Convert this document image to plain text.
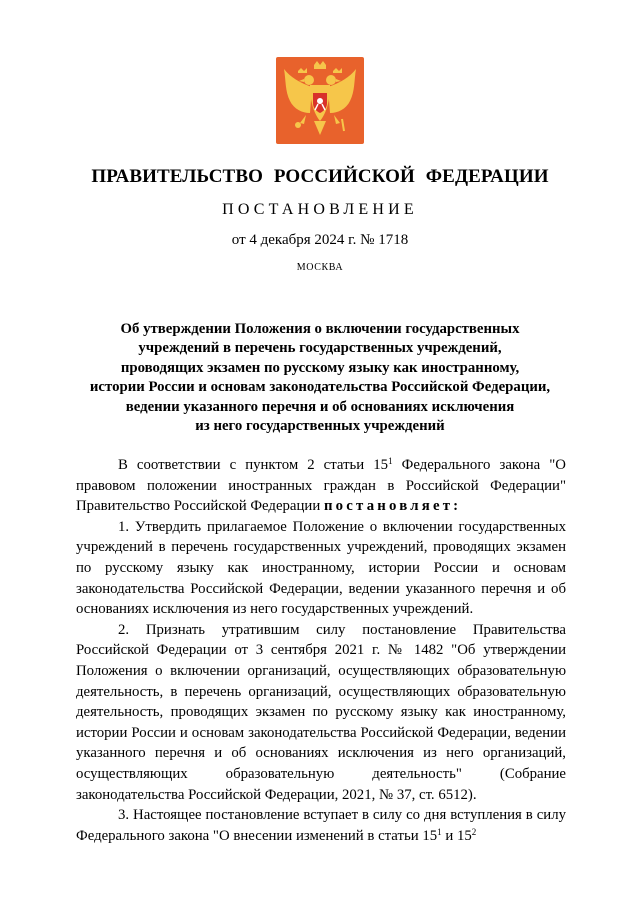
ПРАВИТЕЛЬСТВО РОССИЙСКОЙ ФЕДЕРАЦИИ
ПОСТАНОВЛЕНИЕ
от 4 декабря 2024 г. № 1718
МОСКВА
Об утверждении Положения о включении государственных
учреждений в перечень государственных учреждений,
проводящих экзамен по русскому языку как иностранному,
истории России и основам законодательства Российской Федерации,
ведении указанного перечня и об основаниях исключения
из него государственных учреждений

В соответствии с пунктом 2 статьи $15^1$ Федерального закона "О правовом положении иностранных граждан в Российской Федерации" Правительство Российской Федерации постановляет:

1. Утвердить прилагаемое Положение о включении государственных учреждений в перечень государственных учреждений, проводящих экзамен по русскому языку как иностранному, истории России и основам законодательства Российской Федерации, ведении указанного перечня и об основаниях исключения из него государственных учреждений.

2. Признать утратившим силу постановление Правительства Российской Федерации от 3 сентября 2021 г. № 1482 "Об утверждении Положения о включении организаций, осуществляющих образовательную деятельность, в перечень организаций, осуществляющих образовательную деятельность, проводящих экзамен по русскому языку как иностранному, истории России и основам законодательства Российской Федерации, ведении указанного перечня и об основаниях исключения из него организаций, осуществляющих образовательную деятельность" (Собрание законодательства Российской Федерации, 2021, № 37, ст. 6512).

3. Настоящее постановление вступает в силу со дня вступления в силу Федерального закона "О внесении изменений в статьи $15^1$ и $15^2$
